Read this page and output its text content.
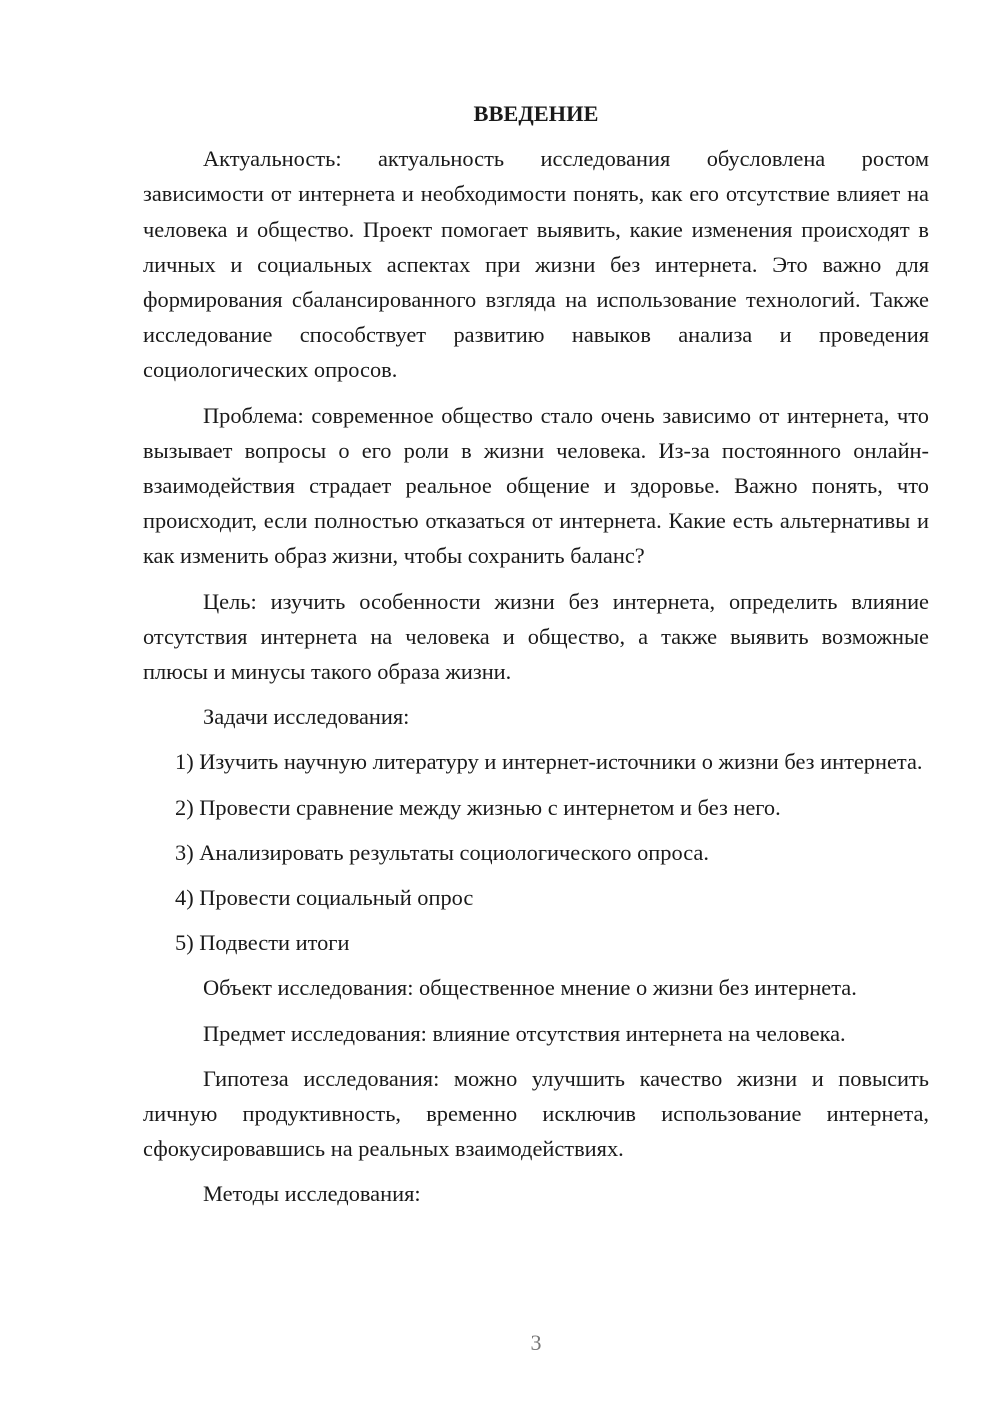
ВВЕДЕНИЕ

Актуальность: актуальность исследования обусловлена ростом зависимости от интернета и необходимости понять, как его отсутствие влияет на человека и общество. Проект помогает выявить, какие изменения происходят в личных и социальных аспектах при жизни без интернета. Это важно для формирования сбалансированного взгляда на использование технологий. Также исследование способствует развитию навыков анализа и проведения социологических опросов.

Проблема: современное общество стало очень зависимо от интернета, что вызывает вопросы о его роли в жизни человека. Из-за постоянного онлайн-взаимодействия страдает реальное общение и здоровье. Важно понять, что происходит, если полностью отказаться от интернета. Какие есть альтернативы и как изменить образ жизни, чтобы сохранить баланс?

Цель: изучить особенности жизни без интернета, определить влияние отсутствия интернета на человека и общество, а также выявить возможные плюсы и минусы такого образа жизни.

Задачи исследования:

1) Изучить научную литературу и интернет-источники о жизни без интернета.

2) Провести сравнение между жизнью с интернетом и без него.

3) Анализировать результаты социологического опроса.

4) Провести социальный опрос

5) Подвести итоги

Объект исследования: общественное мнение о жизни без интернета.

Предмет исследования: влияние отсутствия интернета на человека.

Гипотеза исследования: можно улучшить качество жизни и повысить личную продуктивность, временно исключив использование интернета, сфокусировавшись на реальных взаимодействиях.

Методы исследования:

3
